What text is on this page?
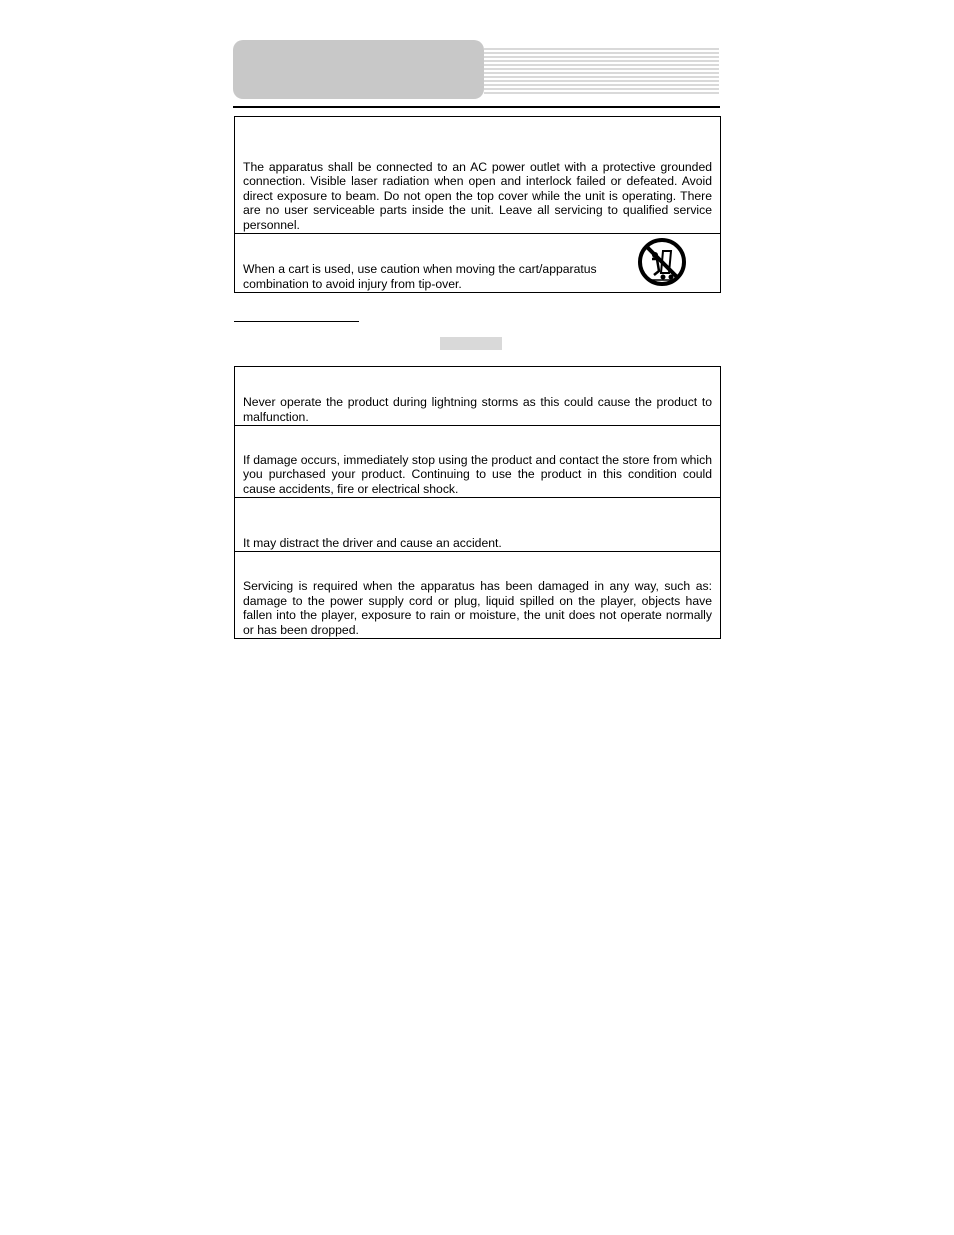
The apparatus shall be connected to an AC power outlet with a protective grounded connection. Visible laser radiation when open and interlock failed or defeated. Avoid direct exposure to beam. Do not open the top cover while the unit is operating. There are no user serviceable parts inside the unit. Leave all servicing to qualified service personnel.
When a cart is used, use caution when moving the cart/apparatus combination to avoid injury from tip-over.
Never operate the product during lightning storms as this could cause the product to malfunction.
If damage occurs, immediately stop using the product and contact the store from which you purchased your product. Continuing to use the product in this condition could cause accidents, fire or electrical shock.
It may distract the driver and cause an accident.
Servicing is required when the apparatus has been damaged in any way, such as: damage to the power supply cord or plug, liquid spilled on the player, objects have fallen into the player, exposure to rain or moisture, the unit does not operate normally or has been dropped.
